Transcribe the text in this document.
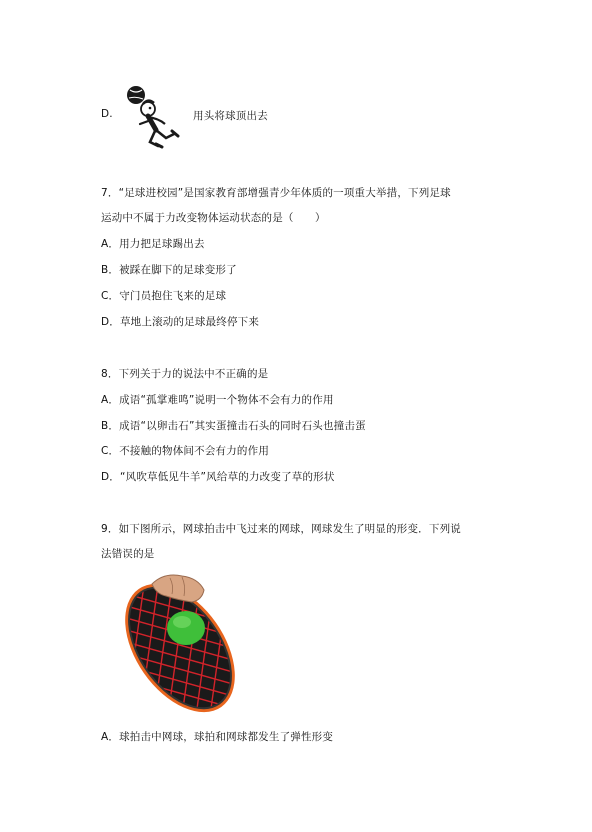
D.	用头将球顶出去
7．“足球进校园”是国家教育部增强青少年体质的一项重大举措，下列足球
运动中不属于力改变物体运动状态的是（　　）
A．用力把足球踢出去
B．被踩在脚下的足球变形了
C．守门员抱住飞来的足球
D．草地上滚动的足球最终停下来
8．下列关于力的说法中不正确的是
A．成语“孤掌难鸣”说明一个物体不会有力的作用
B．成语“以卵击石”其实蛋撞击石头的同时石头也撞击蛋
C．不接触的物体间不会有力的作用
D．“风吹草低见牛羊”风给草的力改变了草的形状
9．如下图所示，网球拍击中飞过来的网球，网球发生了明显的形变．下列说
法错误的是
A．球拍击中网球，球拍和网球都发生了弹性形变
